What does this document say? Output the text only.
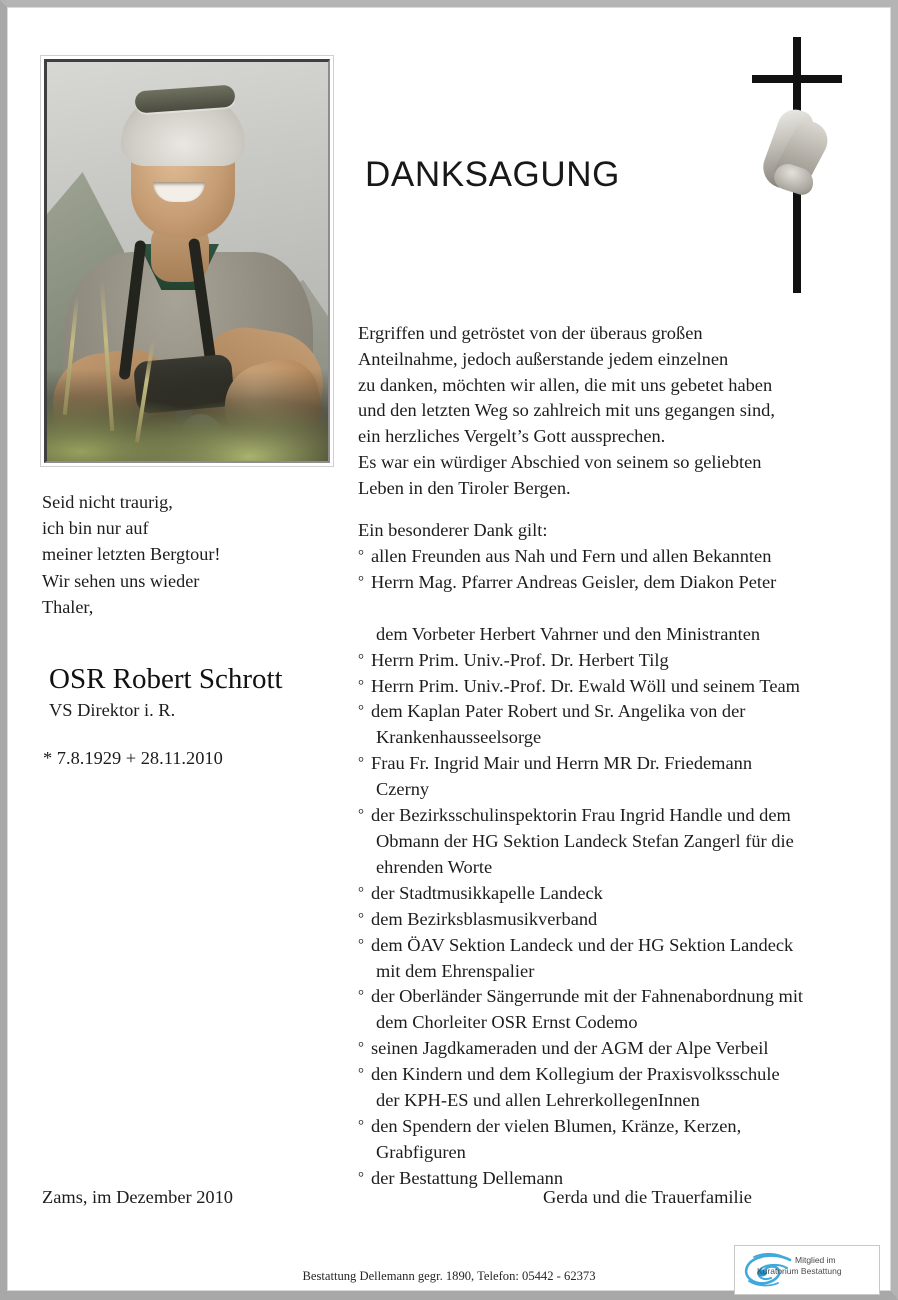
DANKSAGUNG
Ergriffen und getröstet von der überaus großen
Anteilnahme, jedoch außerstande jedem einzelnen
zu danken, möchten wir allen, die mit uns gebetet haben
und den letzten Weg so zahlreich mit uns gegangen sind,
ein herzliches Vergelt’s Gott aussprechen.
Es war ein würdiger Abschied von seinem so geliebten
Leben in den Tiroler Bergen.
Ein besonderer Dank gilt:
° allen Freunden aus Nah und Fern und allen Bekannten
° Herrn Mag. Pfarrer Andreas Geisler, dem Diakon Peter
dem Vorbeter Herbert Vahrner und den Ministranten
° Herrn Prim. Univ.-Prof. Dr. Herbert Tilg
° Herrn Prim. Univ.-Prof. Dr. Ewald Wöll und seinem Team
° dem Kaplan Pater Robert und Sr. Angelika von der
Krankenhausseelsorge
° Frau Fr. Ingrid Mair und Herrn MR Dr. Friedemann
Czerny
° der Bezirksschulinspektorin Frau Ingrid Handle und dem
Obmann der HG Sektion Landeck Stefan Zangerl für die
ehrenden Worte
° der Stadtmusikkapelle Landeck
° dem Bezirksblasmusikverband
° dem ÖAV Sektion Landeck und der HG Sektion Landeck
mit dem Ehrenspalier
° der Oberländer Sängerrunde mit der Fahnenabordnung mit
dem Chorleiter OSR Ernst Codemo
° seinen Jagdkameraden und der AGM der Alpe Verbeil
° den Kindern und dem Kollegium der Praxisvolksschule
der KPH-ES und allen LehrerkollegenInnen
° den Spendern der vielen Blumen, Kränze, Kerzen,
Grabfiguren
° der Bestattung Dellemann
Seid nicht traurig,
ich bin nur auf
meiner letzten Bergtour!
Wir sehen uns wieder
Thaler,
OSR Robert Schrott
VS Direktor i. R.
* 7.8.1929 + 28.11.2010
Zams, im Dezember 2010	Gerda und die Trauerfamilie
Bestattung Dellemann gegr. 1890, Telefon: 05442 - 62373
Mitglied im
Kuratorium Bestattung
